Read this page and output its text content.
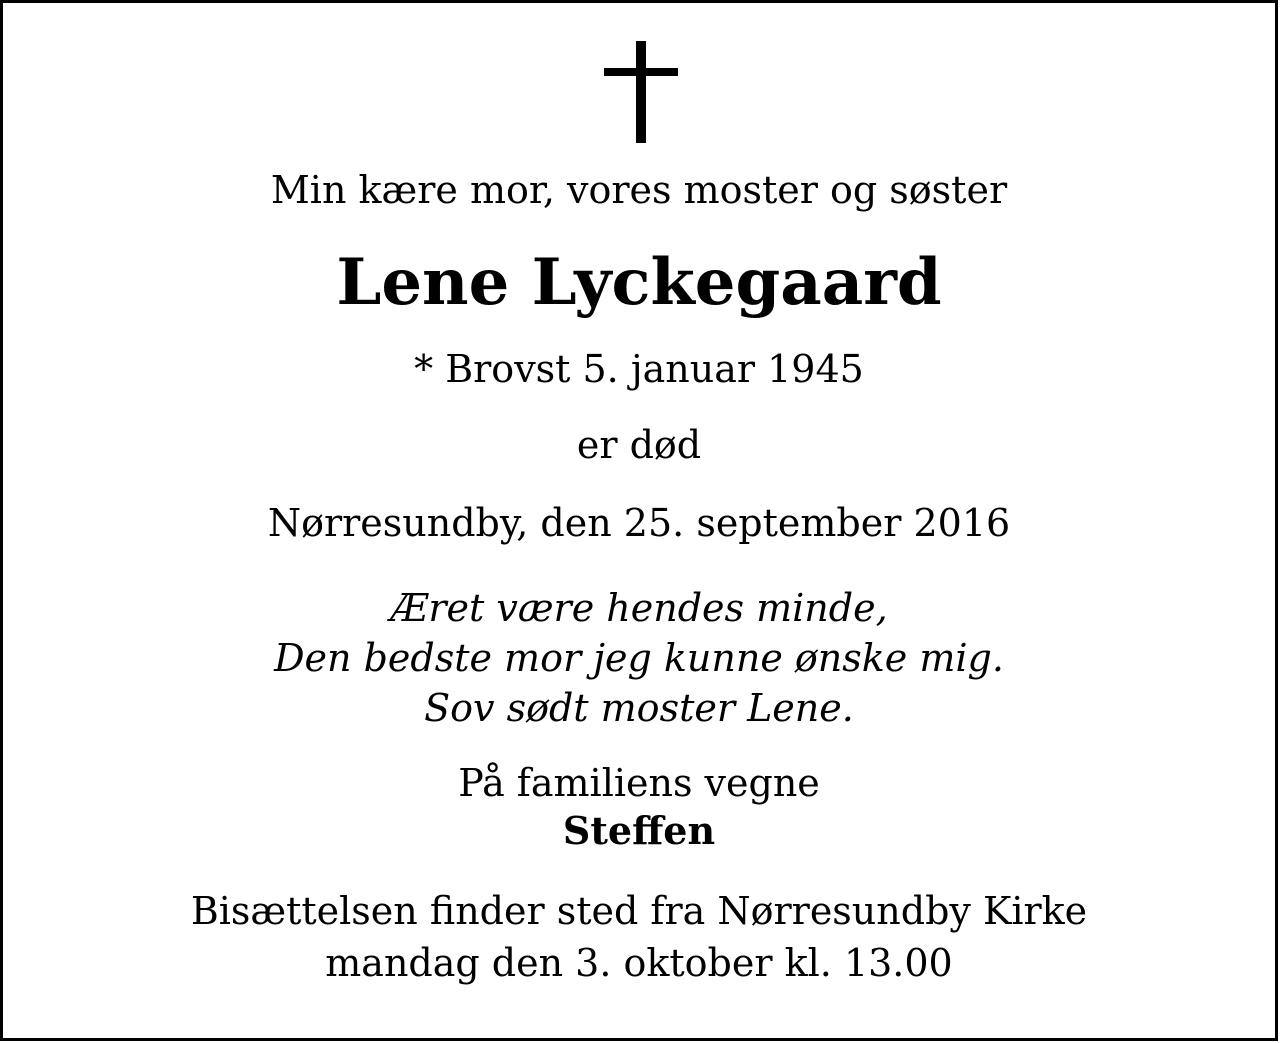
Min kære mor, vores moster og søster
Lene Lyckegaard
* Brovst 5. januar 1945
er død
Nørresundby, den 25. september 2016
Æret være hendes minde,
Den bedste mor jeg kunne ønske mig.
Sov sødt moster Lene.
På familiens vegne
Steffen
Bisættelsen finder sted fra Nørresundby Kirke
mandag den 3. oktober kl. 13.00
